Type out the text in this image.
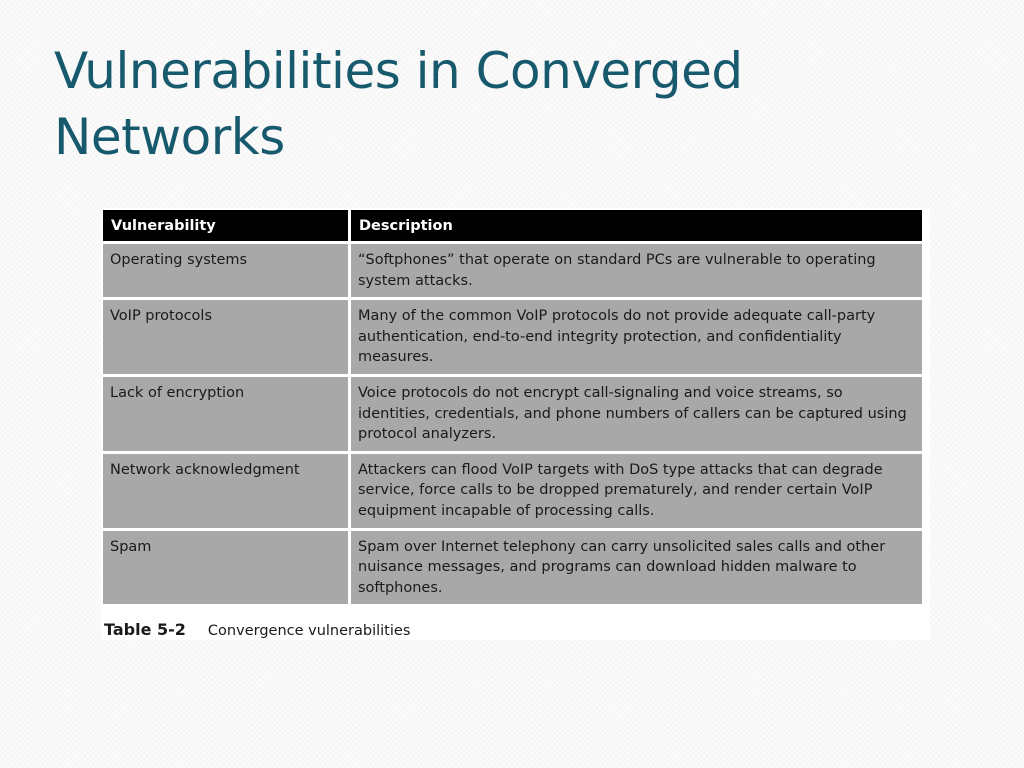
Vulnerabilities in Converged
Networks
Vulnerability	Description
Operating systems	“Softphones” that operate on standard PCs are vulnerable to operating system attacks.
VoIP protocols	Many of the common VoIP protocols do not provide adequate call-party authentication, end-to-end integrity protection, and confidentiality measures.
Lack of encryption	Voice protocols do not encrypt call-signaling and voice streams, so identities, credentials, and phone numbers of callers can be captured using protocol analyzers.
Network acknowledgment	Attackers can flood VoIP targets with DoS type attacks that can degrade service, force calls to be dropped prematurely, and render certain VoIP equipment incapable of processing calls.
Spam	Spam over Internet telephony can carry unsolicited sales calls and other nuisance messages, and programs can download hidden malware to softphones.
Table 5-2 Convergence vulnerabilities
